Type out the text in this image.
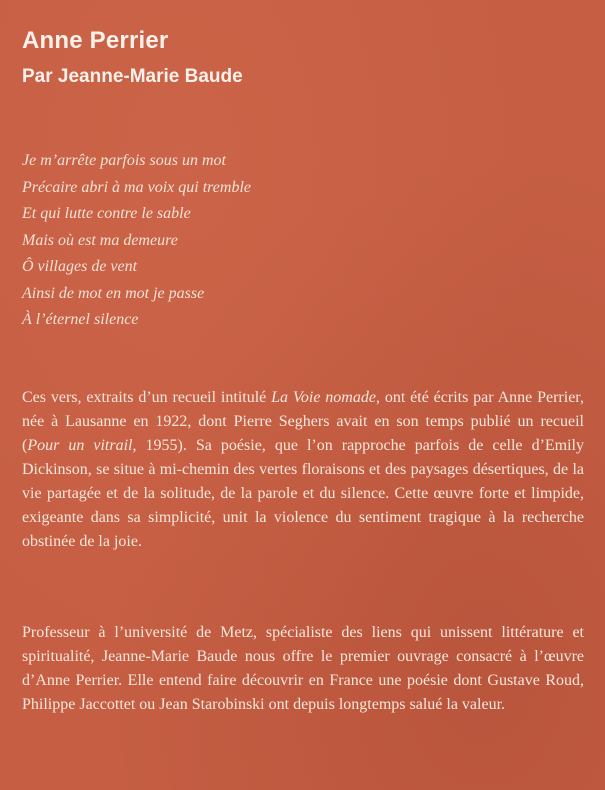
Anne Perrier
Par Jeanne-Marie Baude
Je m’arrête parfois sous un mot
Précaire abri à ma voix qui tremble
Et qui lutte contre le sable
Mais où est ma demeure
Ô villages de vent
Ainsi de mot en mot je passe
À l’éternel silence

Ces vers, extraits d’un recueil intitulé La Voie nomade, ont été écrits par Anne Perrier, née à Lausanne en 1922, dont Pierre Seghers avait en son temps publié un recueil (Pour un vitrail, 1955). Sa poésie, que l’on rapproche parfois de celle d’Emily Dickinson, se situe à mi-chemin des vertes floraisons et des paysages désertiques, de la vie partagée et de la solitude, de la parole et du silence. Cette œuvre forte et limpide, exigeante dans sa simplicité, unit la violence du sentiment tragique à la recherche obstinée de la joie.

Professeur à l’université de Metz, spécialiste des liens qui unissent littérature et spiritualité, Jeanne-Marie Baude nous offre le premier ouvrage consacré à l’œuvre d’Anne Perrier. Elle entend faire découvrir en France une poésie dont Gustave Roud, Philippe Jaccottet ou Jean Starobinski ont depuis longtemps salué la valeur.
